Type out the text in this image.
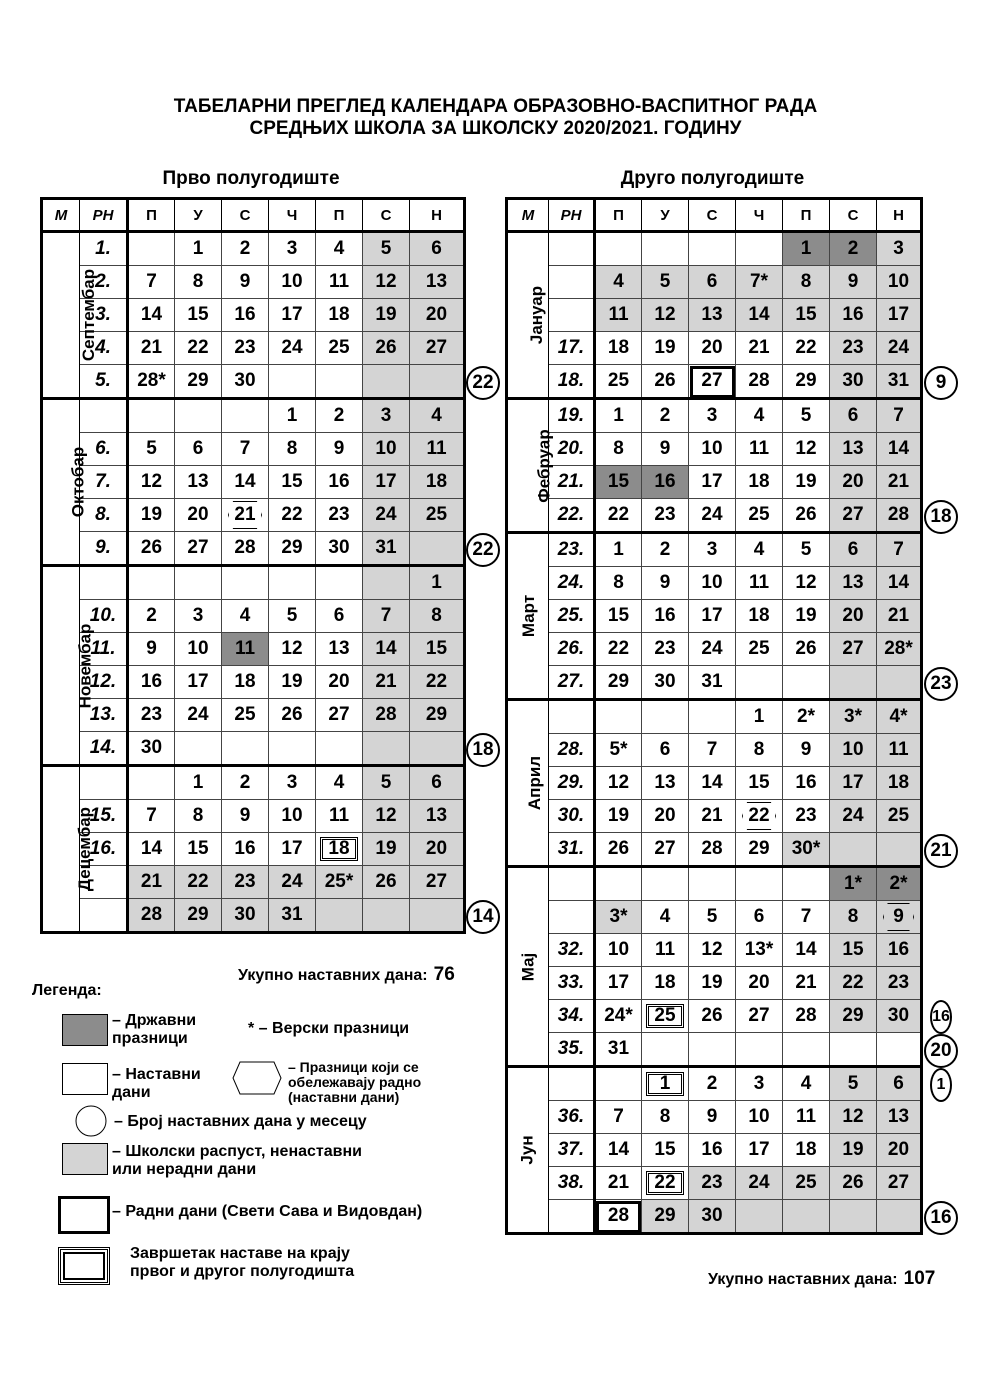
ТАБЕЛАРНИ ПРЕГЛЕД КАЛЕНДАРА ОБРАЗОВНО-ВАСПИТНОГ РАДА
СРЕДЊИХ ШКОЛА ЗА ШКОЛСКУ 2020/2021. ГОДИНУ
Прво полугодиште	Друго полугодиште
М	РН	П	У	С	Ч	П	С	Н
Септембар	1.		1	2	3	4	5	6
	2.	7	8	9	10	11	12	13
	3.	14	15	16	17	18	19	20
	4.	21	22	23	24	25	26	27
	5.	28*	29	30				
Октобар					1	2	3	4
	6.	5	6	7	8	9	10	11
	7.	12	13	14	15	16	17	18
	8.	19	20	21	22	23	24	25
	9.	26	27	28	29	30	31	
Новембар								1
	10.	2	3	4	5	6	7	8
	11.	9	10	11	12	13	14	15
	12.	16	17	18	19	20	21	22
	13.	23	24	25	26	27	28	29
	14.	30						
Децембар			1	2	3	4	5	6
	15.	7	8	9	10	11	12	13
	16.	14	15	16	17	18	19	20
		21	22	23	24	25*	26	27
		28	29	30	31			
М	РН	П	У	С	Ч	П	С	Н
Јануар						1	2	3
		4	5	6	7*	8	9	10
		11	12	13	14	15	16	17
	17.	18	19	20	21	22	23	24
	18.	25	26	27	28	29	30	31
Фебруар	19.	1	2	3	4	5	6	7
	20.	8	9	10	11	12	13	14
	21.	15	16	17	18	19	20	21
	22.	22	23	24	25	26	27	28
Март	23.	1	2	3	4	5	6	7
	24.	8	9	10	11	12	13	14
	25.	15	16	17	18	19	20	21
	26.	22	23	24	25	26	27	28*
	27.	29	30	31				
Април					1	2*	3*	4*
	28.	5*	6	7	8	9	10	11
	29.	12	13	14	15	16	17	18
	30.	19	20	21	22	23	24	25
	31.	26	27	28	29	30*		
Мај							1*	2*
		3*	4	5	6	7	8	9
	32.	10	11	12	13*	14	15	16
	33.	17	18	19	20	21	22	23
	34.	24*	25	26	27	28	29	30
	35.	31						
Јун			1	2	3	4	5	6
	36.	7	8	9	10	11	12	13
	37.	14	15	16	17	18	19	20
	38.	21	22	23	24	25	26	27
		28	29	30				
Укупно наставних дана: 76
Укупно наставних дана: 107
Легенда:
– Државни
празници
* – Верски празници
– Наставни
дани
– Празници који се
обележавају радно
(наставни дани)
– Број наставних дана у месецу
– Школски распуст, ненаставни
или нерадни дани
– Радни дани (Свети Сава и Видовдан)
Завршетак наставе на крају
првог и другог полугодишта
22
22
18
14
9
18
23
21
20
16
16
1
